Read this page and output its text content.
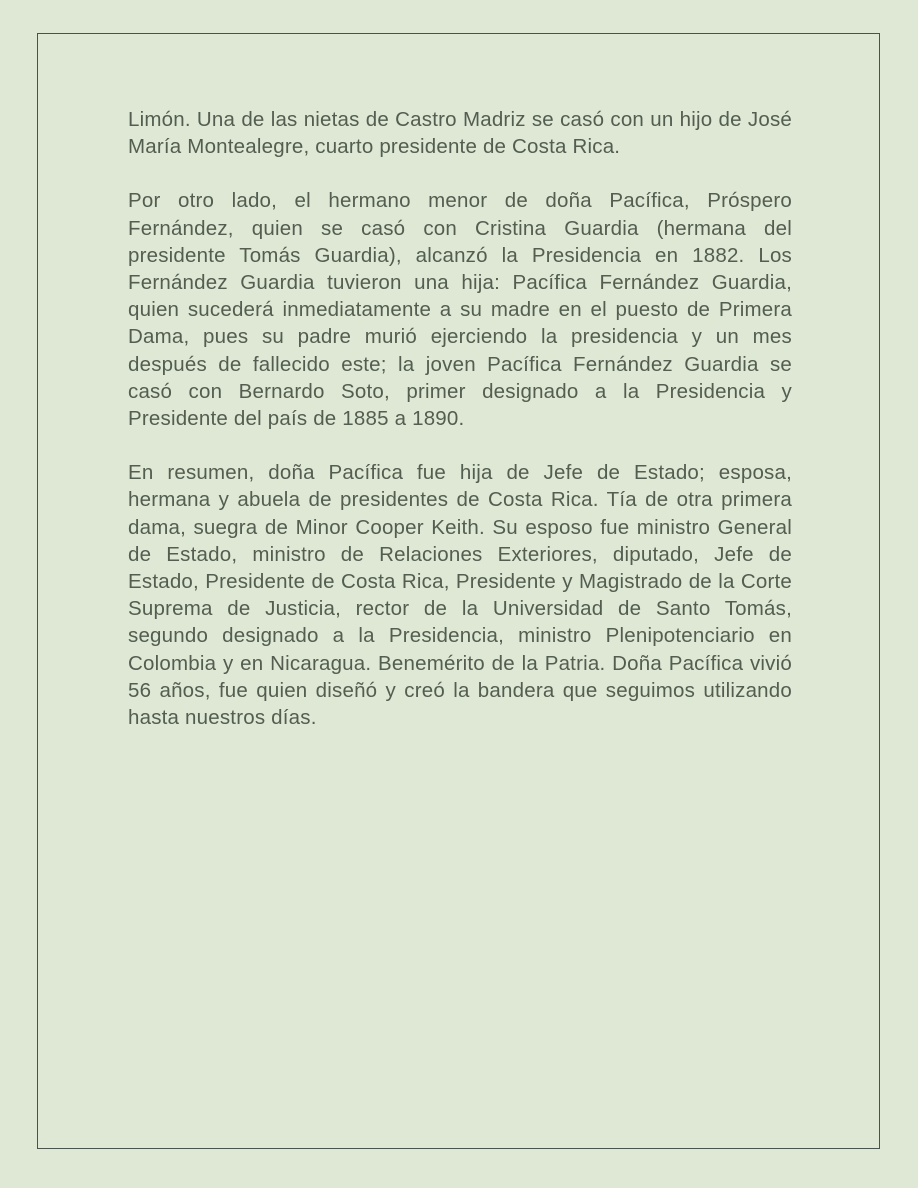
Limón. Una de las nietas de Castro Madriz se casó con un hijo de José María Montealegre, cuarto presidente de Costa Rica.

Por otro lado, el hermano menor de doña Pacífica, Próspero Fernández, quien se casó con Cristina Guardia (hermana del presidente Tomás Guardia), alcanzó la Presidencia en 1882. Los Fernández Guardia tuvieron una hija: Pacífica Fernández Guardia, quien sucederá inmediatamente a su madre en el puesto de Primera Dama, pues su padre murió ejerciendo la presidencia y un mes después de fallecido este; la joven Pacífica Fernández Guardia se casó con Bernardo Soto, primer designado a la Presidencia y Presidente del país de 1885 a 1890.

En resumen, doña Pacífica fue hija de Jefe de Estado; esposa, hermana y abuela de presidentes de Costa Rica. Tía de otra primera dama, suegra de Minor Cooper Keith. Su esposo fue ministro General de Estado, ministro de Relaciones Exteriores, diputado, Jefe de Estado, Presidente de Costa Rica, Presidente y Magistrado de la Corte Suprema de Justicia, rector de la Universidad de Santo Tomás, segundo designado a la Presidencia, ministro Plenipotenciario en Colombia y en Nicaragua. Benemérito de la Patria. Doña Pacífica vivió 56 años, fue quien diseñó y creó la bandera que seguimos utilizando hasta nuestros días.
